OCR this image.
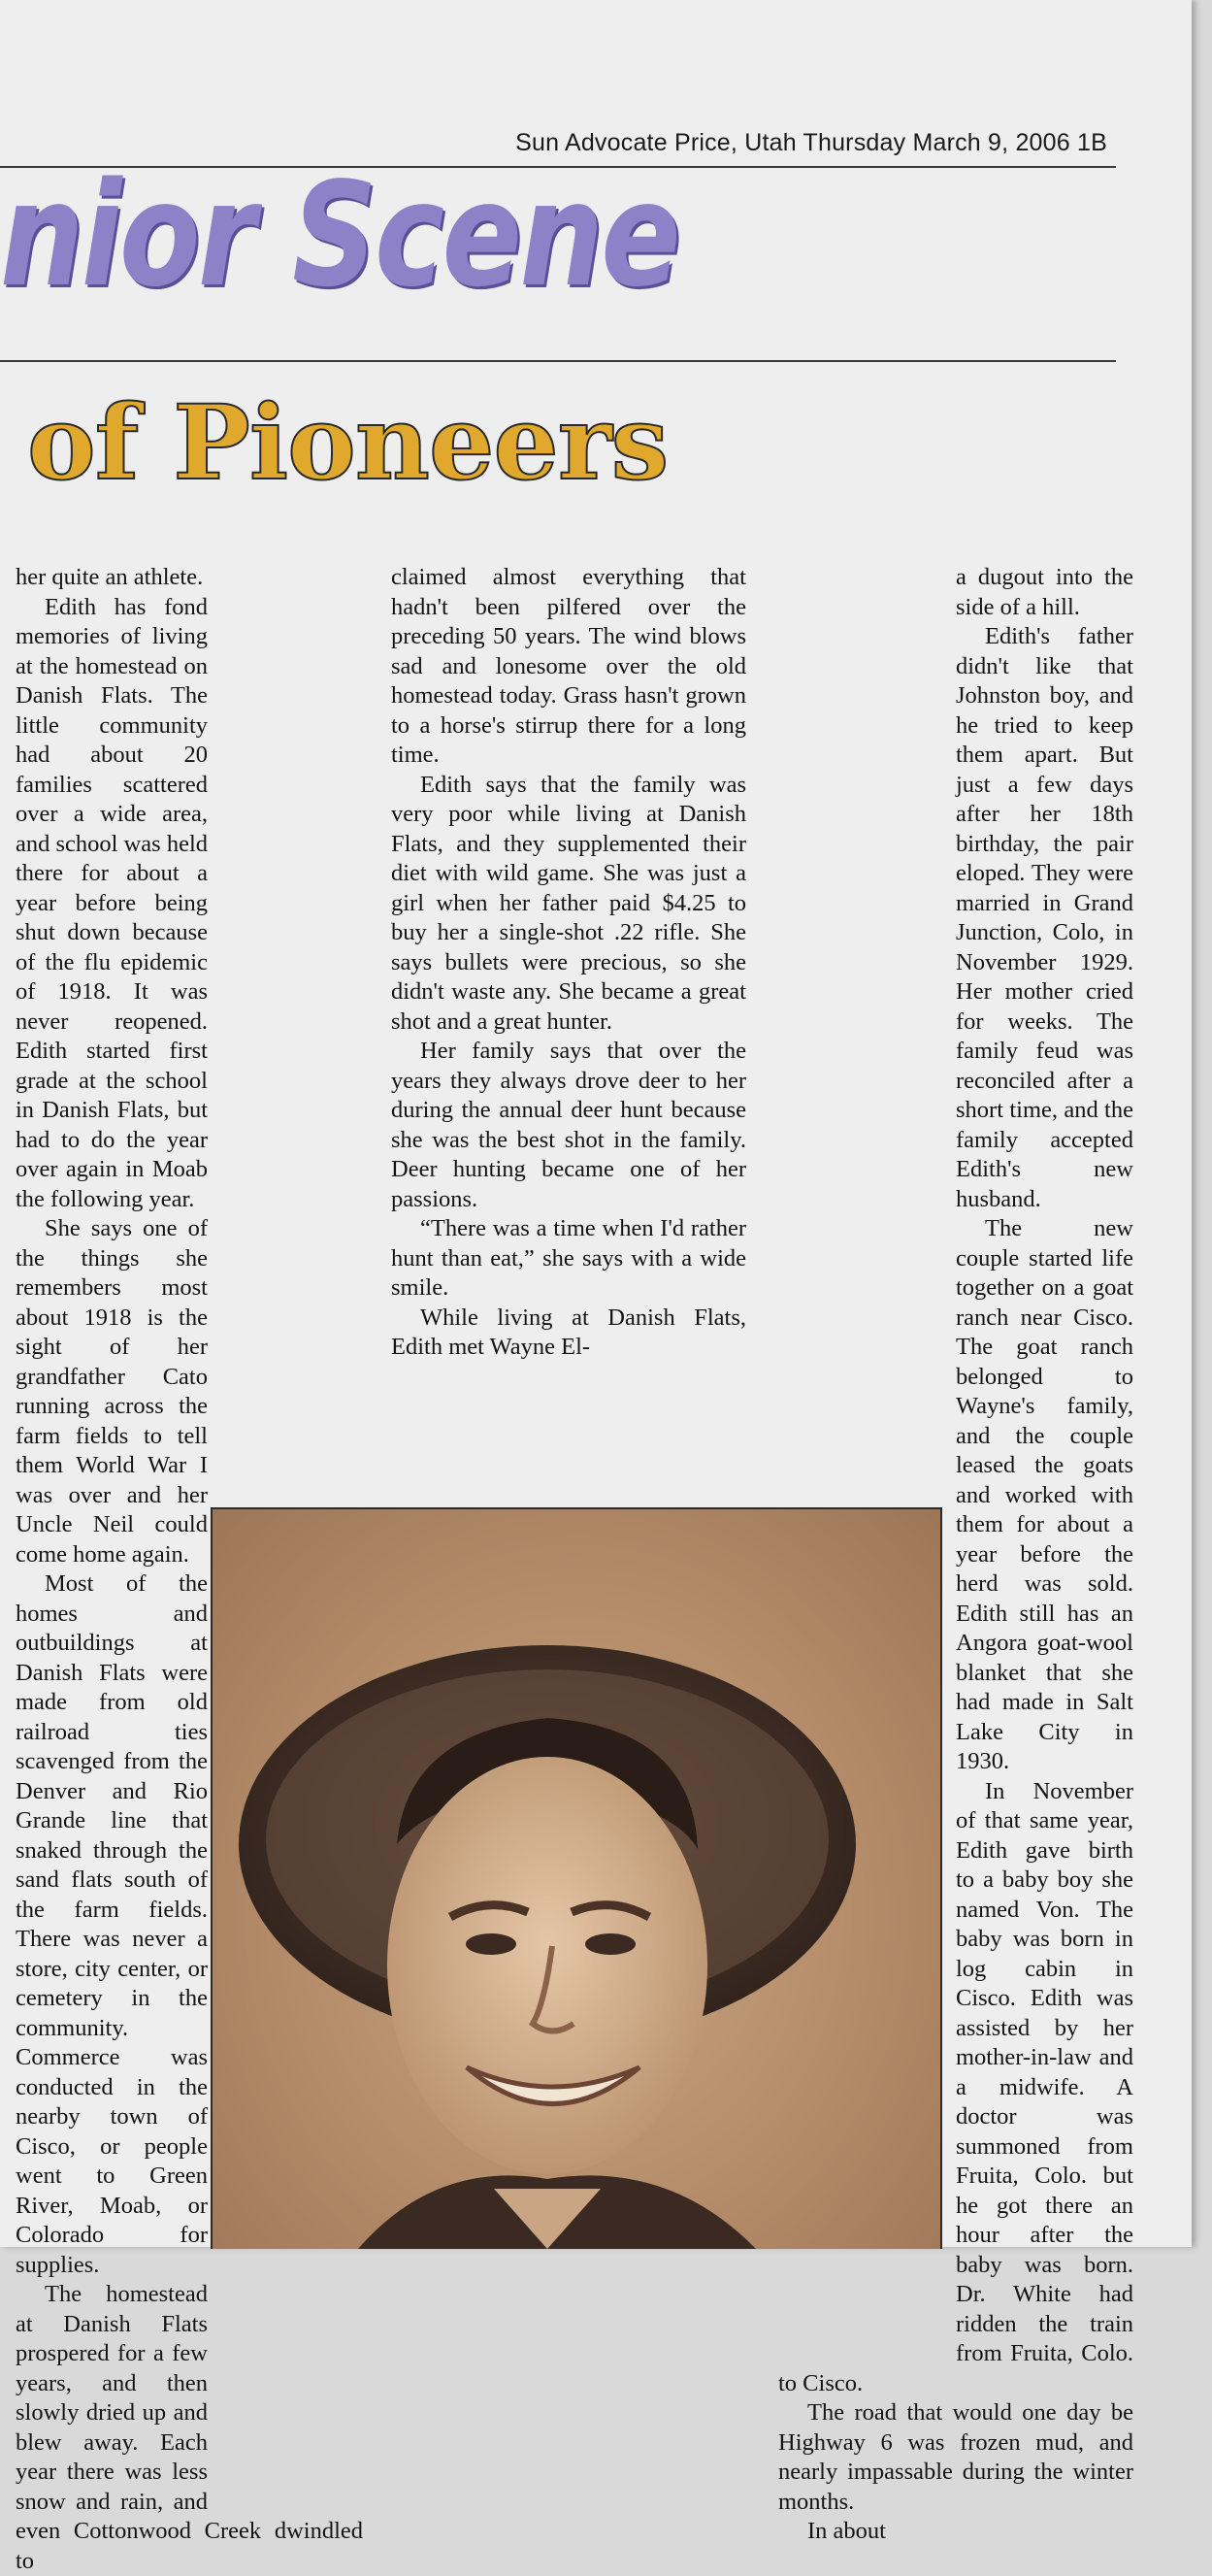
Sun Advocate Price, Utah Thursday March 9, 2006 1B
nior Scene
of Pioneers

her quite an athlete.

Edith has fond memories of living at the homestead on Danish Flats. The little community had about 20 families scattered over a wide area, and school was held there for about a year before being shut down because of the flu epidemic of 1918. It was never reopened. Edith started first grade at the school in Danish Flats, but had to do the year over again in Moab the following year.

She says one of the things she remembers most about 1918 is the sight of her grandfather Cato running across the farm fields to tell them World War I was over and her Uncle Neil could come home again.

Most of the homes and outbuildings at Danish Flats were made from old railroad ties scavenged from the Denver and Rio Grande line that snaked through the sand flats south of the farm fields. There was never a store, city center, or cemetery in the community. Commerce was conducted in the nearby town of Cisco, or people went to Green River, Moab, or Colorado for supplies.

The homestead at Danish Flats prospered for a few years, and then slowly dried up and blew away. Each year there was less snow and rain, and even Cottonwood Creek dwindled to

claimed almost everything that hadn't been pilfered over the preceding 50 years. The wind blows sad and lonesome over the old homestead today. Grass hasn't grown to a horse's stirrup there for a long time.

Edith says that the family was very poor while living at Danish Flats, and they supplemented their diet with wild game. She was just a girl when her father paid $4.25 to buy her a single-shot .22 rifle. She says bullets were precious, so she didn't waste any. She became a great shot and a great hunter.

Her family says that over the years they always drove deer to her during the annual deer hunt because she was the best shot in the family. Deer hunting became one of her passions.

“There was a time when I'd rather hunt than eat,” she says with a wide smile.

While living at Danish Flats, Edith met Wayne El-

a dugout into the side of a hill.

Edith's father didn't like that Johnston boy, and he tried to keep them apart. But just a few days after her 18th birthday, the pair eloped. They were married in Grand Junction, Colo, in November 1929. Her mother cried for weeks. The family feud was reconciled after a short time, and the family accepted Edith's new husband.

The new couple started life together on a goat ranch near Cisco. The goat ranch belonged to Wayne's family, and the couple leased the goats and worked with them for about a year before the herd was sold. Edith still has an Angora goat-wool blanket that she had made in Salt Lake City in 1930.

In November of that same year, Edith gave birth to a baby boy she named Von. The baby was born in log cabin in Cisco. Edith was assisted by her mother-in-law and a midwife. A doctor was summoned from Fruita, Colo. but he got there an hour after the baby was born. Dr. White had ridden the train from Fruita, Colo. to Cisco.

The road that would one day be Highway 6 was frozen mud, and nearly impassable during the winter months.

In about
